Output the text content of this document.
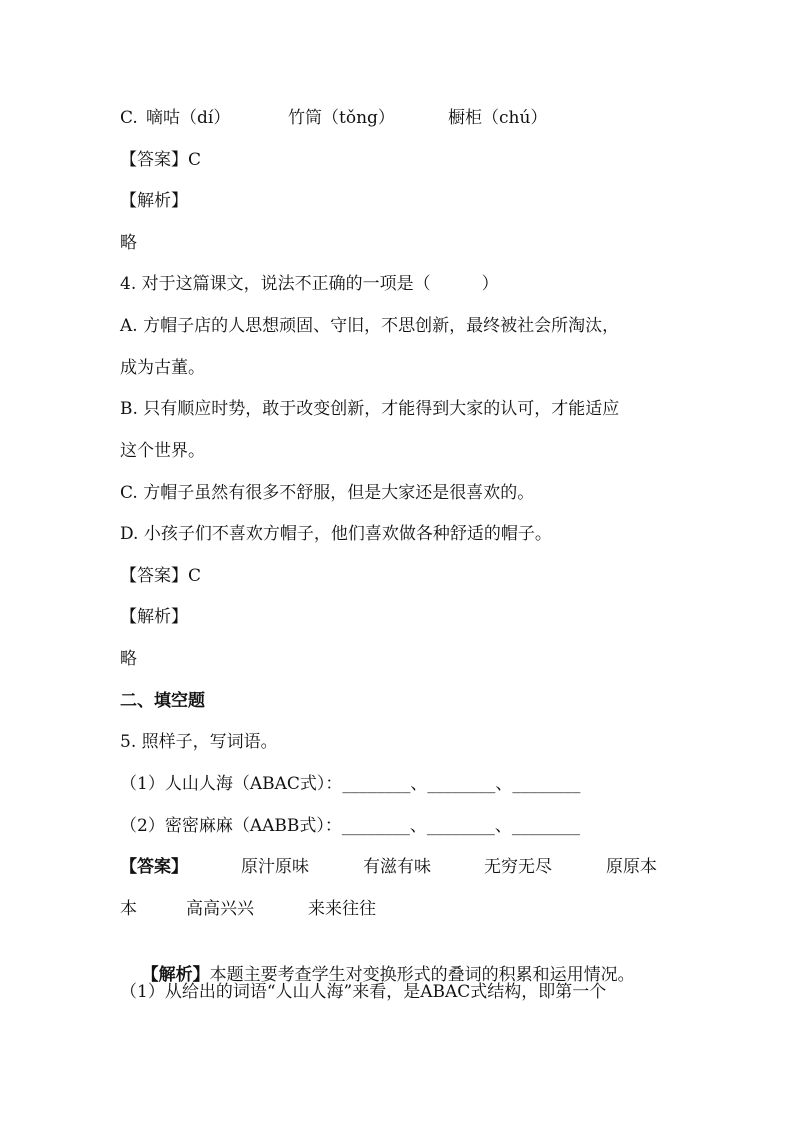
C.

嘀咕（dí）

	竹筒（tǒng）

	橱柜（chú）

【答案】C
【解析】
略
4. 对于这篇课文，说法不正确的一项是（　　　）
A. 方帽子店的人思想顽固、守旧，不思创新，最终被社会所淘汰，
成为古董。
B. 只有顺应时势，敢于改变创新，才能得到大家的认可，才能适应
这个世界。
C. 方帽子虽然有很多不舒服，但是大家还是很喜欢的。
D. 小孩子们不喜欢方帽子，他们喜欢做各种舒适的帽子。
【答案】C
【解析】
略
二、填空题
5. 照样子，写词语。
（1）人山人海（ABAC式）：________、________、________
（2）密密麻麻（AABB式）：________、________、________

【答案】

	原汁原味

	有滋有味

	无穷无尽

	原原本

本

	高高兴兴

	来来往往

【解析】本题主要考查学生对变换形式的叠词的积累和运用情况。

（1）从给出的词语“人山人海”来看，是ABAC式结构，即第一个
